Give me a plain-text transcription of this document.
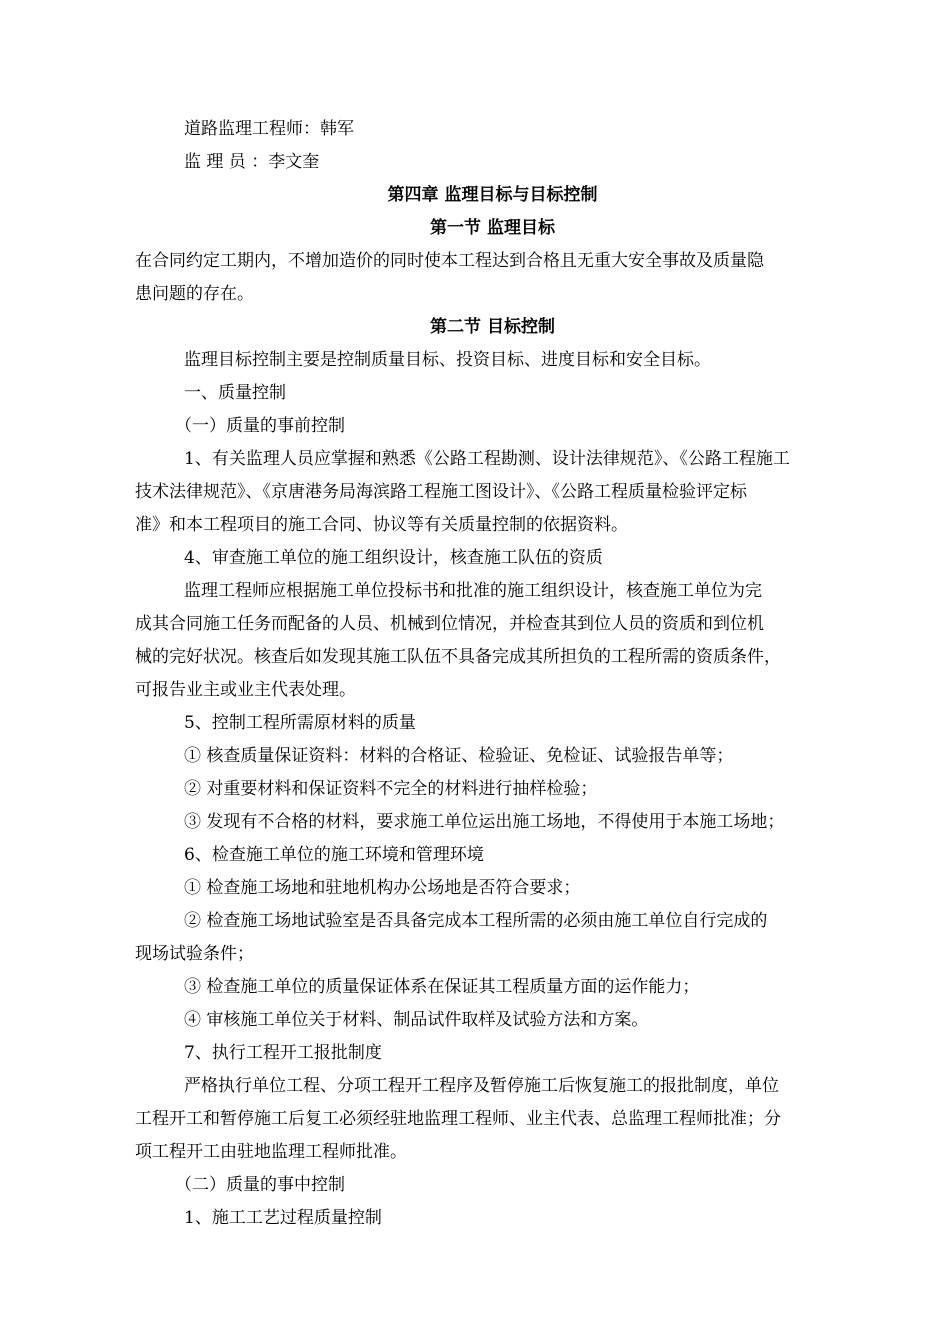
道路监理工程师：韩军

监 理 员 ：李文奎

第四章 监理目标与目标控制

第一节 监理目标

在合同约定工期内，不增加造价的同时使本工程达到合格且无重大安全事故及质量隐

患问题的存在。

第二节 目标控制

监理目标控制主要是控制质量目标、投资目标、进度目标和安全目标。

一、质量控制

（一）质量的事前控制

1、有关监理人员应掌握和熟悉《公路工程勘测、设计法律规范》、《公路工程施工

技术法律规范》、《京唐港务局海滨路工程施工图设计》、《公路工程质量检验评定标

准》和本工程项目的施工合同、协议等有关质量控制的依据资料。

4、审查施工单位的施工组织设计，核查施工队伍的资质

监理工程师应根据施工单位投标书和批准的施工组织设计，核查施工单位为完

成其合同施工任务而配备的人员、机械到位情况，并检查其到位人员的资质和到位机

械的完好状况。核查后如发现其施工队伍不具备完成其所担负的工程所需的资质条件，

可报告业主或业主代表处理。

5、控制工程所需原材料的质量

① 核查质量保证资料：材料的合格证、检验证、免检证、试验报告单等；

② 对重要材料和保证资料不完全的材料进行抽样检验；

③ 发现有不合格的材料，要求施工单位运出施工场地，不得使用于本施工场地；

6、检查施工单位的施工环境和管理环境

① 检查施工场地和驻地机构办公场地是否符合要求；

② 检查施工场地试验室是否具备完成本工程所需的必须由施工单位自行完成的

现场试验条件；

③ 检查施工单位的质量保证体系在保证其工程质量方面的运作能力；

④ 审核施工单位关于材料、制品试件取样及试验方法和方案。

7、执行工程开工报批制度

严格执行单位工程、分项工程开工程序及暂停施工后恢复施工的报批制度，单位

工程开工和暂停施工后复工必须经驻地监理工程师、业主代表、总监理工程师批准；分

项工程开工由驻地监理工程师批准。

（二）质量的事中控制

1、施工工艺过程质量控制
